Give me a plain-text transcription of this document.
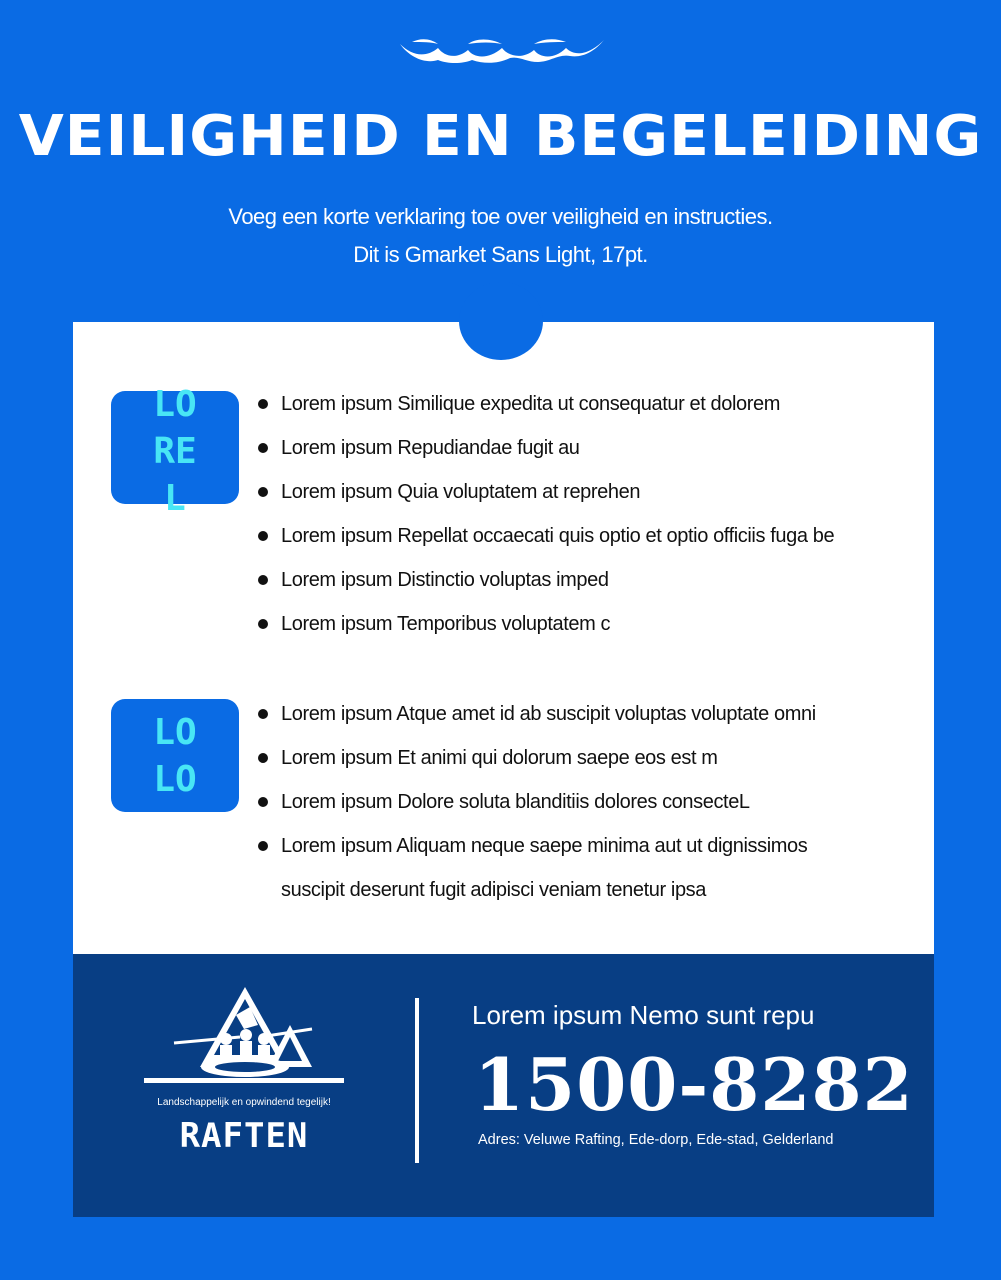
VEILIGHEID EN BEGELEIDING
Voeg een korte verklaring toe over veiligheid en instructies.
Dit is Gmarket Sans Light, 17pt.
LO
RE
L
Lorem ipsum Similique expedita ut consequatur et dolorem
Lorem ipsum Repudiandae fugit au
Lorem ipsum Quia voluptatem at reprehen
Lorem ipsum Repellat occaecati quis optio et optio officiis fuga be
Lorem ipsum Distinctio voluptas imped
Lorem ipsum Temporibus voluptatem c
LO
LO
Lorem ipsum Atque amet id ab suscipit voluptas voluptate omni
Lorem ipsum Et animi qui dolorum saepe eos est m
Lorem ipsum Dolore soluta blanditiis dolores consecteL
Lorem ipsum Aliquam neque saepe minima aut ut dignissimos
suscipit deserunt fugit adipisci veniam tenetur ipsa
Landschappelijk en opwindend tegelijk!
RAFTEN
Lorem ipsum Nemo sunt repu
1500-8282
Adres: Veluwe Rafting, Ede-dorp, Ede-stad, Gelderland
